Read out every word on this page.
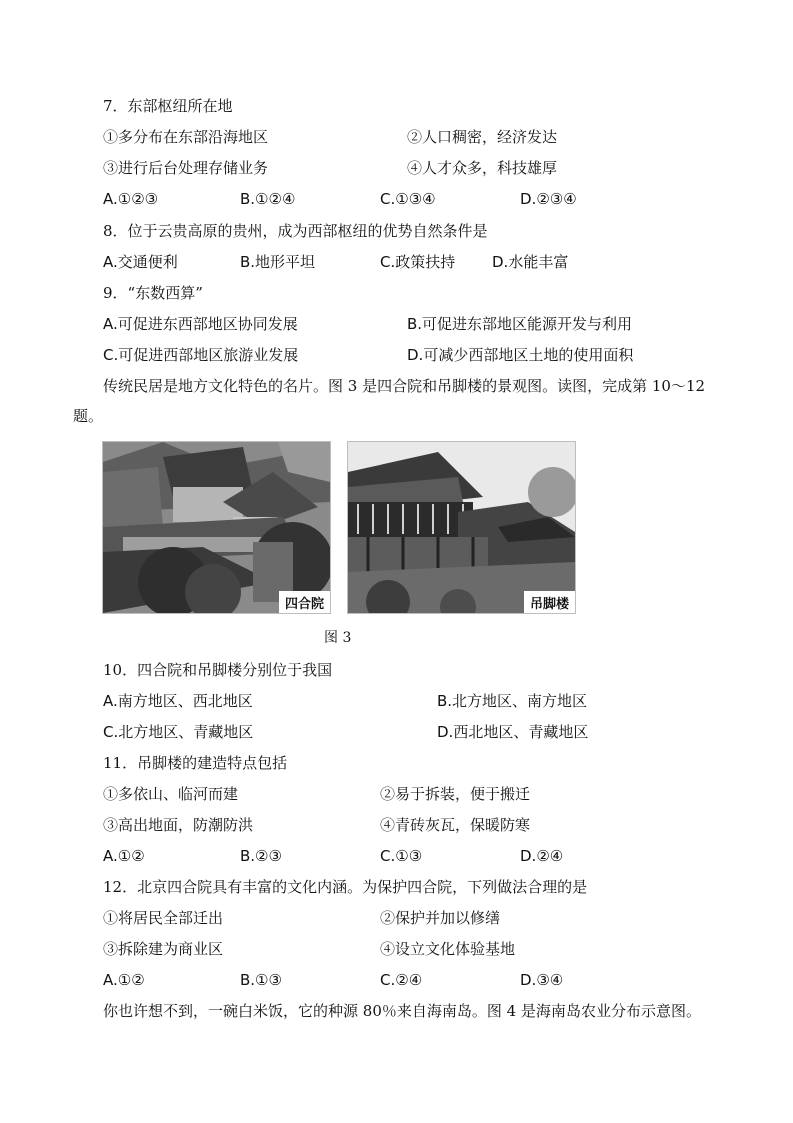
7．东部枢纽所在地
①多分布在东部沿海地区	②人口稠密，经济发达
③进行后台处理存储业务	④人才众多，科技雄厚
A.①②③	B.①②④	C.①③④	D.②③④
8．位于云贵高原的贵州，成为西部枢纽的优势自然条件是
A.交通便利	B.地形平坦	C.政策扶持 D.水能丰富
9．“东数西算”
A.可促进东西部地区协同发展	B.可促进东部地区能源开发与利用
C.可促进西部地区旅游业发展	D.可减少西部地区土地的使用面积
传统民居是地方文化特色的名片。图 3 是四合院和吊脚楼的景观图。读图，完成第 10～12
题。
四合院	吊脚楼
图 3
10．四合院和吊脚楼分别位于我国
A.南方地区、西北地区	B.北方地区、南方地区
C.北方地区、青藏地区	D.西北地区、青藏地区
11．吊脚楼的建造特点包括
①多依山、临河而建	②易于拆装，便于搬迁
③高出地面，防潮防洪	④青砖灰瓦，保暖防寒
A.①②	B.②③	C.①③	D.②④
12．北京四合院具有丰富的文化内涵。为保护四合院，下列做法合理的是
①将居民全部迁出	②保护并加以修缮
③拆除建为商业区	④设立文化体验基地
A.①②	B.①③	C.②④	D.③④
你也许想不到，一碗白米饭，它的种源 80％来自海南岛。图 4 是海南岛农业分布示意图。
